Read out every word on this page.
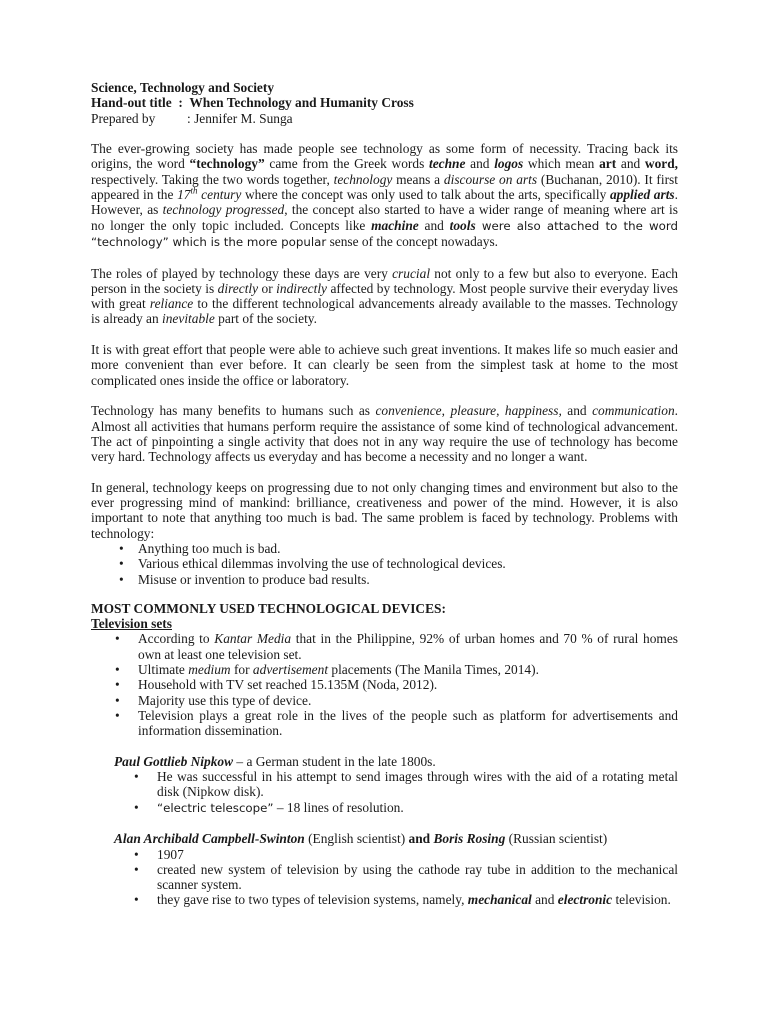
Science, Technology and Society

Hand-out title : When Technology and Humanity Cross

Prepared by : Jennifer M. Sunga

The ever-growing society has made people see technology as some form of necessity. Tracing back its origins, the word “technology” came from the Greek words techne and logos which mean art and word, respectively. Taking the two words together, technology means a discourse on arts (Buchanan, 2010). It first appeared in the 17th century where the concept was only used to talk about the arts, specifically applied arts. However, as technology progressed, the concept also started to have a wider range of meaning where art is no longer the only topic included. Concepts like machine and tools were also attached to the word “technology” which is the more popular sense of the concept nowadays.

The roles of played by technology these days are very crucial not only to a few but also to everyone. Each person in the society is directly or indirectly affected by technology. Most people survive their everyday lives with great reliance to the different technological advancements already available to the masses. Technology is already an inevitable part of the society.

It is with great effort that people were able to achieve such great inventions. It makes life so much easier and more convenient than ever before. It can clearly be seen from the simplest task at home to the most complicated ones inside the office or laboratory.

Technology has many benefits to humans such as convenience, pleasure, happiness, and communication. Almost all activities that humans perform require the assistance of some kind of technological advancement. The act of pinpointing a single activity that does not in any way require the use of technology has become very hard. Technology affects us everyday and has become a necessity and no longer a want.

In general, technology keeps on progressing due to not only changing times and environment but also to the ever progressing mind of mankind: brilliance, creativeness and power of the mind. However, it is also important to note that anything too much is bad. The same problem is faced by technology. Problems with technology:

• Anything too much is bad.
• Various ethical dilemmas involving the use of technological devices.
• Misuse or invention to produce bad results.

MOST COMMONLY USED TECHNOLOGICAL DEVICES:

Television sets

• According to Kantar Media that in the Philippine, 92% of urban homes and 70 % of rural homes own at least one television set.
• Ultimate medium for advertisement placements (The Manila Times, 2014).
• Household with TV set reached 15.135M (Noda, 2012).
• Majority use this type of device.
• Television plays a great role in the lives of the people such as platform for advertisements and information dissemination.

Paul Gottlieb Nipkow – a German student in the late 1800s.

• He was successful in his attempt to send images through wires with the aid of a rotating metal disk (Nipkow disk).
• “electric telescope” – 18 lines of resolution.

Alan Archibald Campbell-Swinton (English scientist) and Boris Rosing (Russian scientist)

• 1907
• created new system of television by using the cathode ray tube in addition to the mechanical scanner system.
• they gave rise to two types of television systems, namely, mechanical and electronic television.
